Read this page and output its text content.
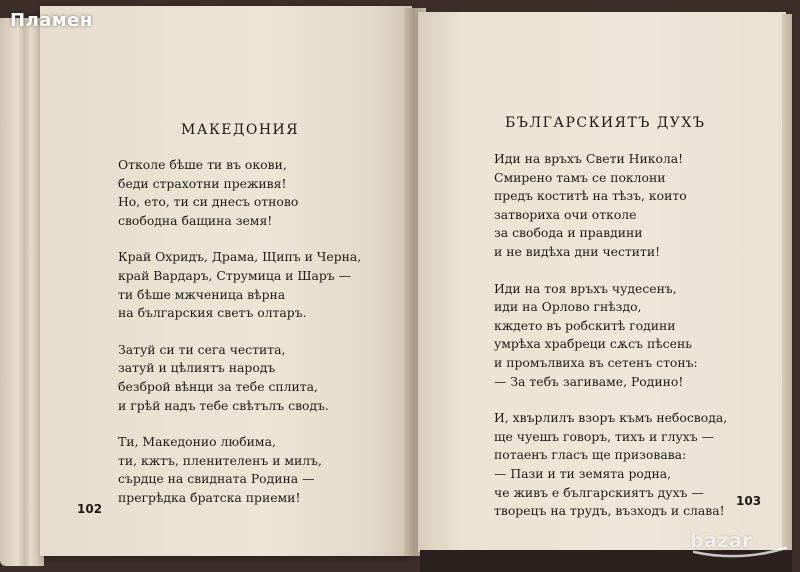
Пламен
МАКЕДОНИЯ
Отколе бѣше ти въ окови,
беди страхотни преживя!
Но, ето, ти си днесъ отново
свободна бащина земя!
Край Охридъ, Драма, Щипъ и Черна,
край Вардаръ, Струмица и Шаръ —
ти бѣше мжченица вѣрна
на българския светъ олтаръ.
Затуй си ти сега честита,
затуй и цѣлиятъ народъ
безброй вѣнци за тебе сплита,
и грѣй надъ тебе свѣтълъ сводъ.
Ти, Македонио любима,
ти, кжтъ, пленителенъ и милъ,
сърдце на свидната Родина —
прегрѣдка братска приеми!
102
БЪЛГАРСКИЯТЪ ДУХЪ
Иди на връхъ Свети Никола!
Смирено тамъ се поклони
предъ коститѣ на тѣзъ, които
затвориха очи отколе
за свобода и правдини
и не видѣха дни честити!
Иди на тоя връхъ чудесенъ,
иди на Орлово гнѣздо,
кждето въ робскитѣ години
умрѣха храбреци сѫсъ пѣсень
и промълвиха въ сетенъ стонъ:
— За тебъ загиваме, Родино!
И, хвърлилъ взоръ къмъ небосвода,
ще чуешъ говоръ, тихъ и глухъ —
потаенъ гласъ ще призовава:
— Пази и ти земята родна,
че живъ е българскиятъ духъ —
творецъ на трудъ, възходъ и слава!
103
bazar
